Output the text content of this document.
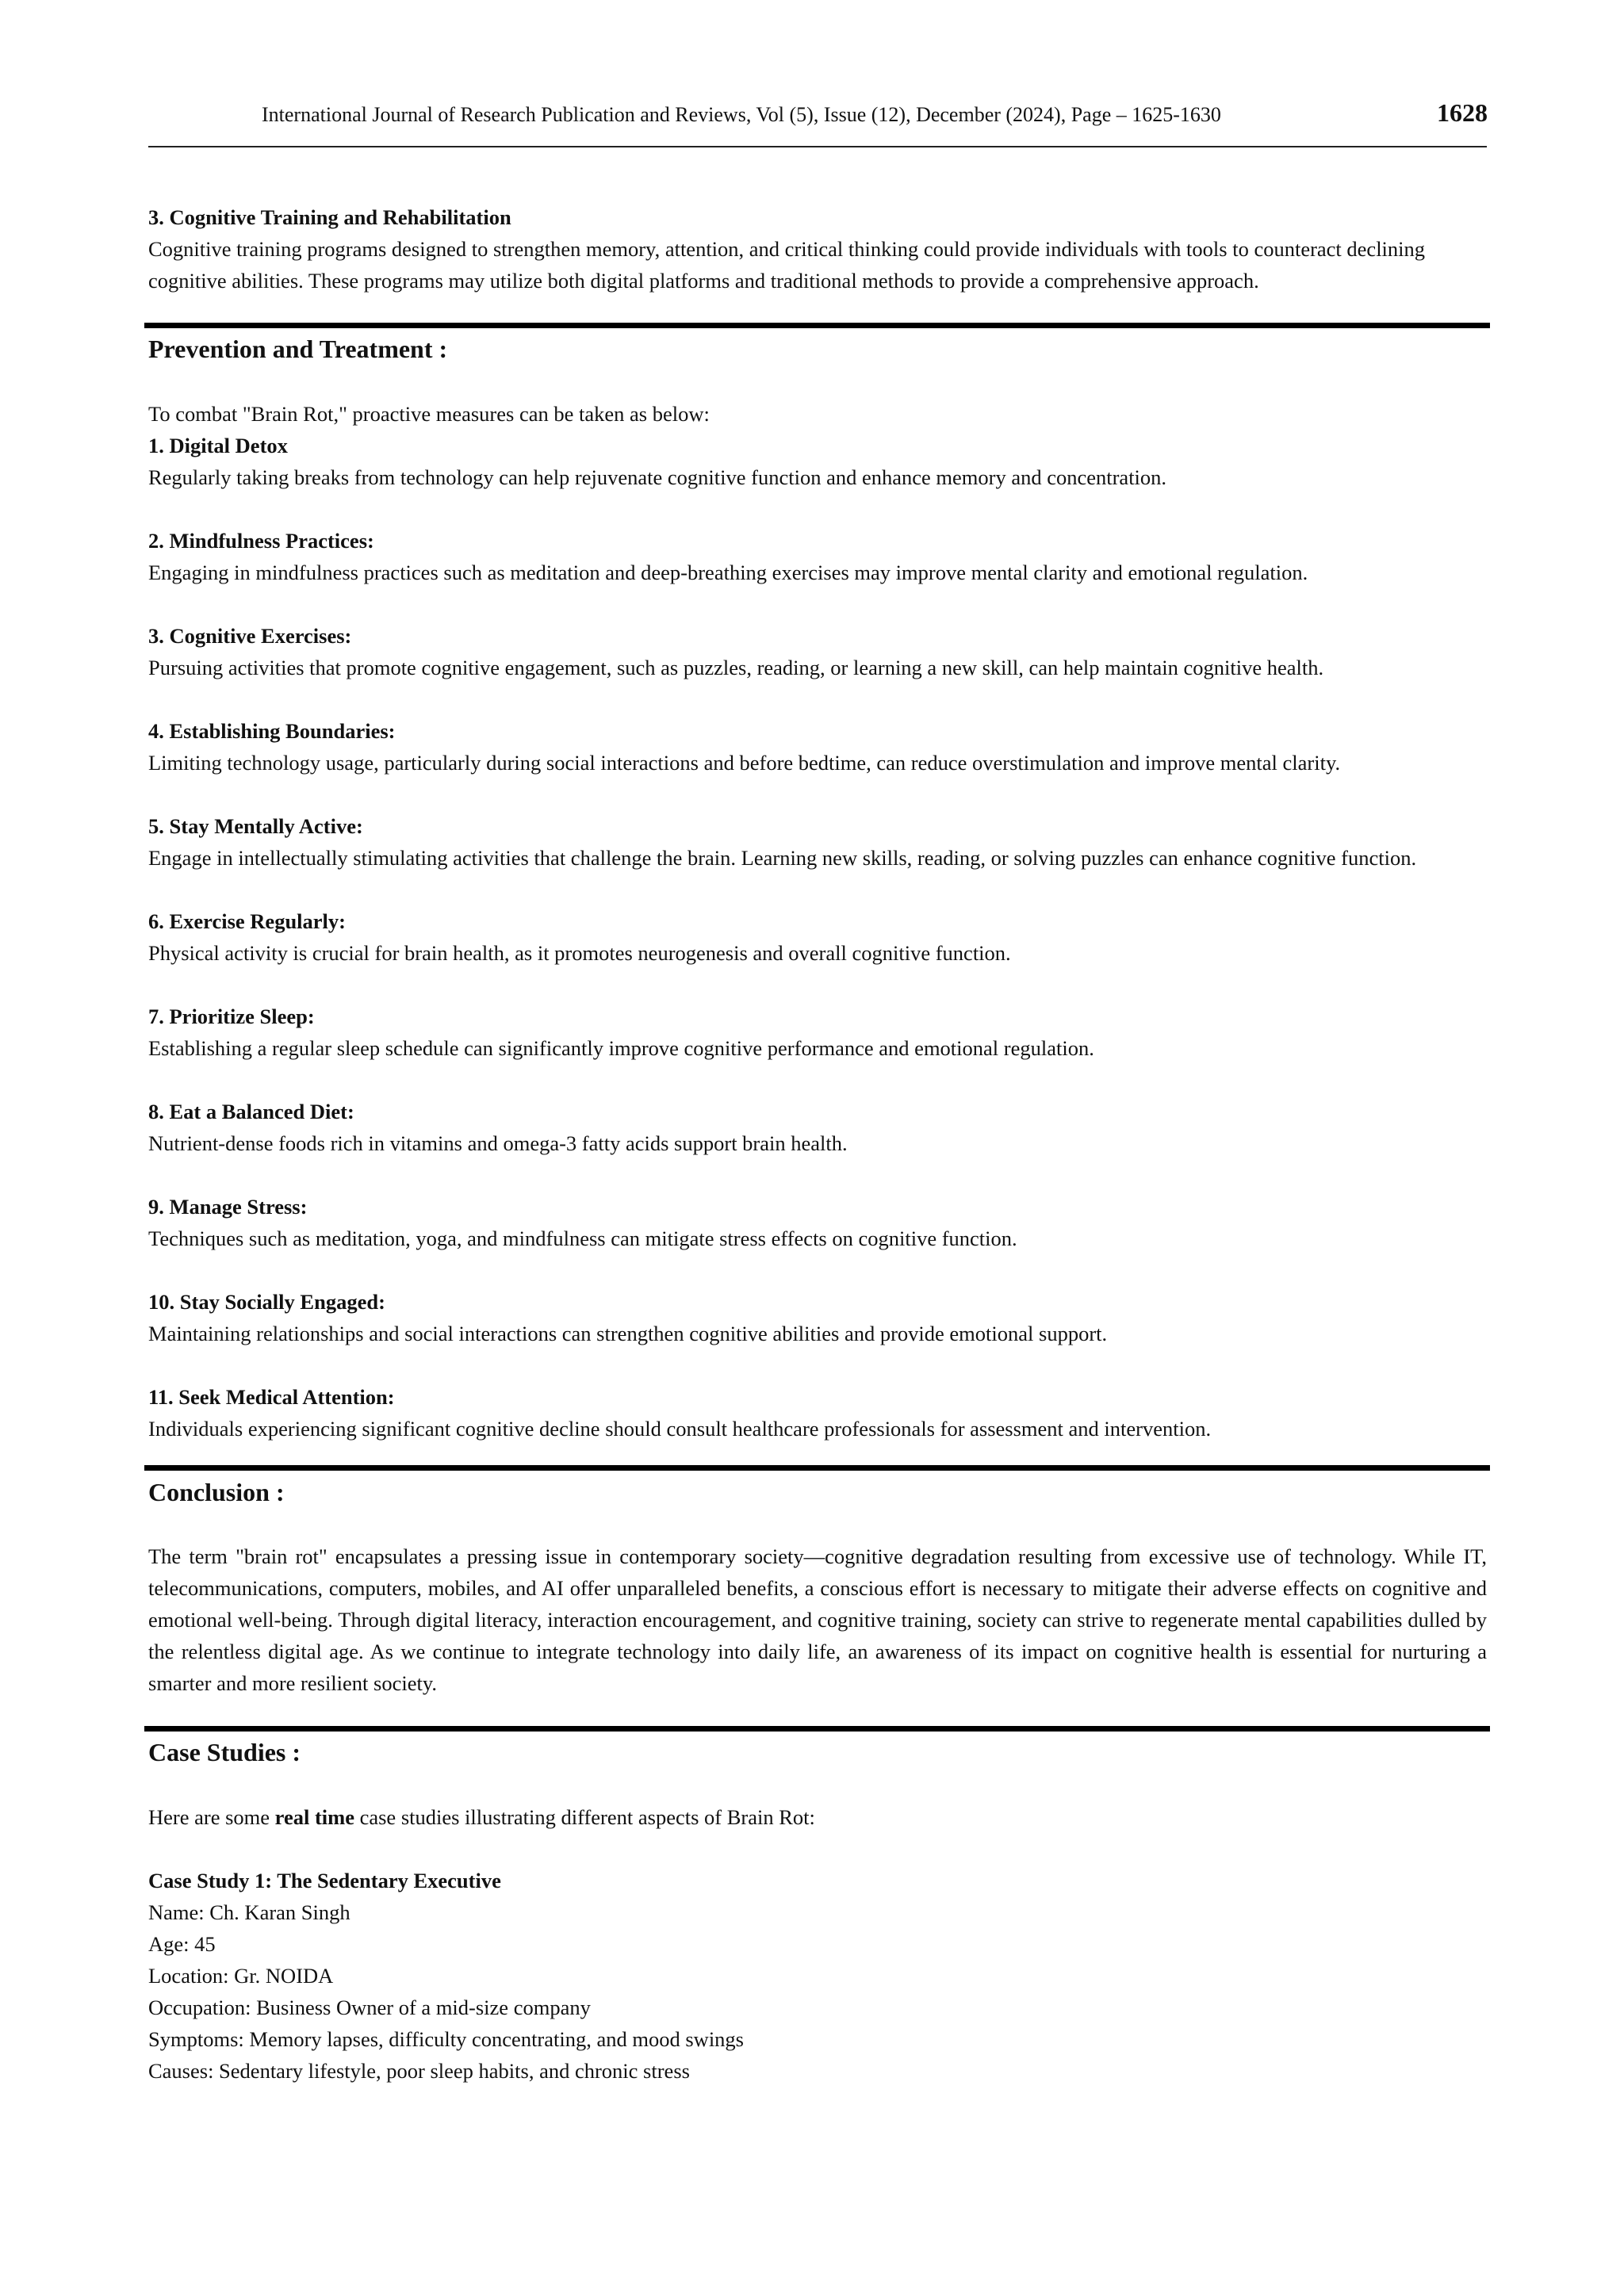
International Journal of Research Publication and Reviews, Vol (5), Issue (12), December (2024), Page – 1625-1630	1628

3. Cognitive Training and Rehabilitation

Cognitive training programs designed to strengthen memory, attention, and critical thinking could provide individuals with tools to counteract declining

cognitive abilities. These programs may utilize both digital platforms and traditional methods to provide a comprehensive approach.

Prevention and Treatment :

To combat "Brain Rot," proactive measures can be taken as below:

1. Digital Detox

Regularly taking breaks from technology can help rejuvenate cognitive function and enhance memory and concentration.

2. Mindfulness Practices:

Engaging in mindfulness practices such as meditation and deep-breathing exercises may improve mental clarity and emotional regulation.

3. Cognitive Exercises:

Pursuing activities that promote cognitive engagement, such as puzzles, reading, or learning a new skill, can help maintain cognitive health.

4. Establishing Boundaries:

Limiting technology usage, particularly during social interactions and before bedtime, can reduce overstimulation and improve mental clarity.

5. Stay Mentally Active:

Engage in intellectually stimulating activities that challenge the brain. Learning new skills, reading, or solving puzzles can enhance cognitive function.

6. Exercise Regularly:

Physical activity is crucial for brain health, as it promotes neurogenesis and overall cognitive function.

7. Prioritize Sleep:

Establishing a regular sleep schedule can significantly improve cognitive performance and emotional regulation.

8. Eat a Balanced Diet:

Nutrient-dense foods rich in vitamins and omega-3 fatty acids support brain health.

9. Manage Stress:

Techniques such as meditation, yoga, and mindfulness can mitigate stress effects on cognitive function.

10. Stay Socially Engaged:

Maintaining relationships and social interactions can strengthen cognitive abilities and provide emotional support.

11. Seek Medical Attention:

Individuals experiencing significant cognitive decline should consult healthcare professionals for assessment and intervention.

Conclusion :

The term "brain rot" encapsulates a pressing issue in contemporary society—cognitive degradation resulting from excessive use of technology. While IT, telecommunications, computers, mobiles, and AI offer unparalleled benefits, a conscious effort is necessary to mitigate their adverse effects on cognitive and emotional well-being. Through digital literacy, interaction encouragement, and cognitive training, society can strive to regenerate mental capabilities dulled by the relentless digital age. As we continue to integrate technology into daily life, an awareness of its impact on cognitive health is essential for nurturing a smarter and more resilient society.

Case Studies :

Here are some real time case studies illustrating different aspects of Brain Rot:

Case Study 1: The Sedentary Executive

Name: Ch. Karan Singh

Age: 45

Location: Gr. NOIDA

Occupation: Business Owner of a mid-size company

Symptoms: Memory lapses, difficulty concentrating, and mood swings

Causes: Sedentary lifestyle, poor sleep habits, and chronic stress
